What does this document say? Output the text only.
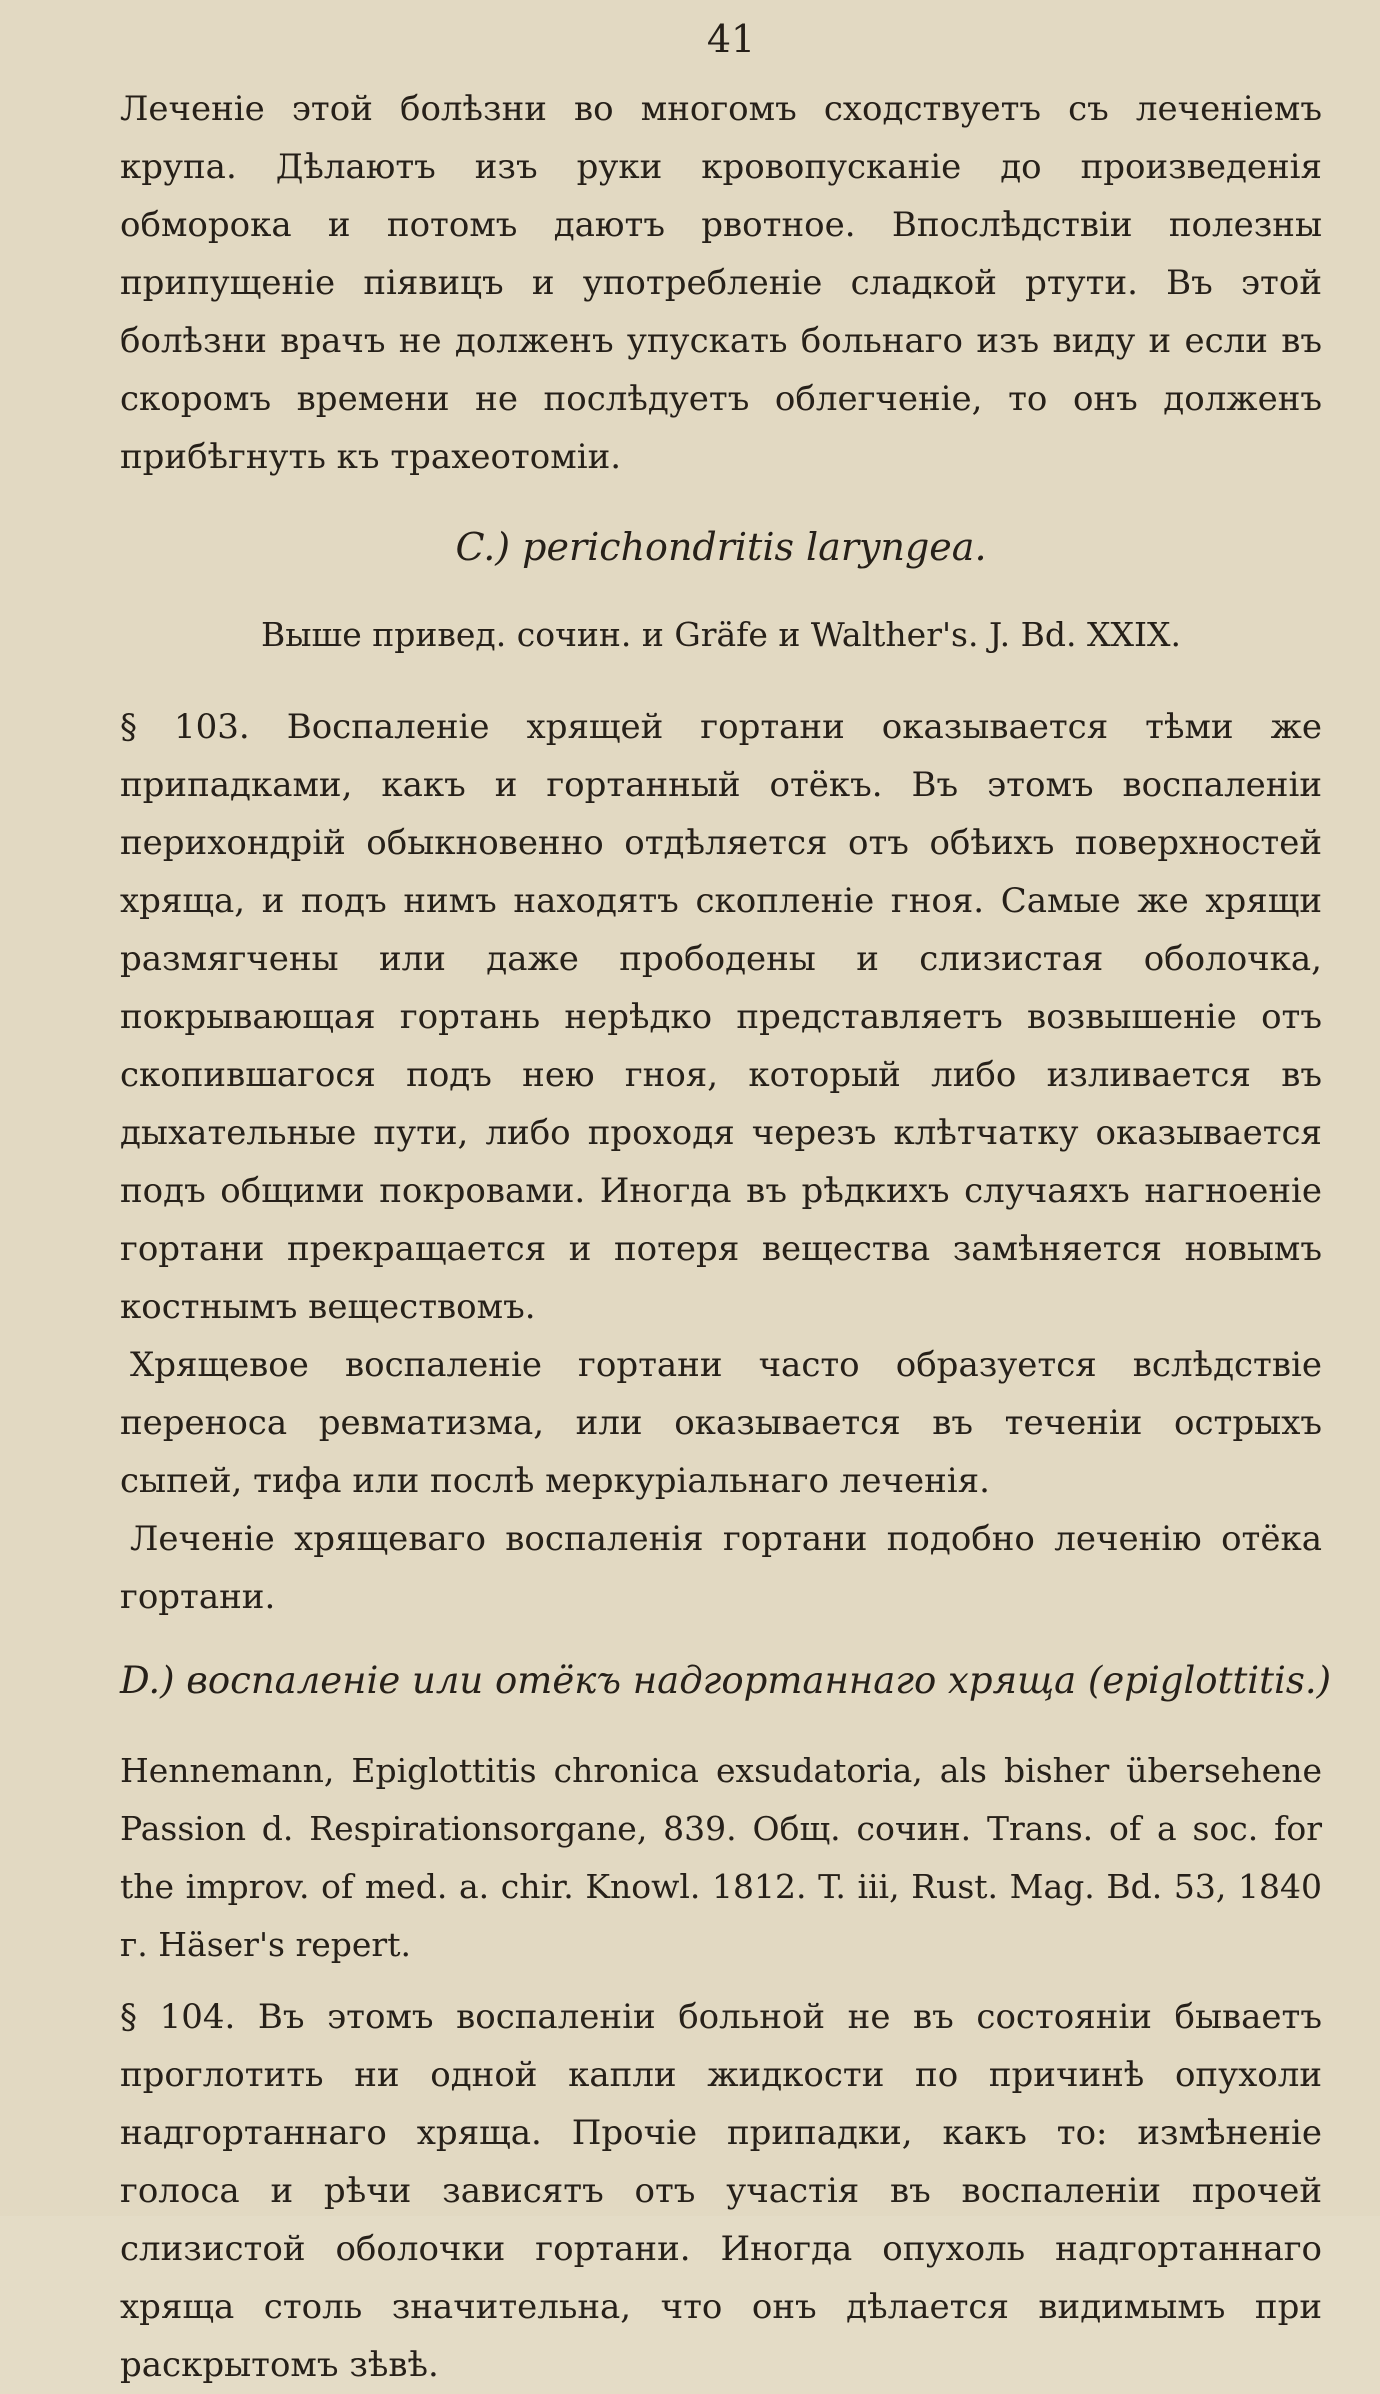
41

Леченіе этой болѣзни во многомъ сходствуетъ съ леченіемъ крупа. Дѣлаютъ изъ руки кровопусканіе до произведенія обморока и потомъ даютъ рвотное. Впослѣдствіи полезны припущеніе піявицъ и употребленіе сладкой ртути. Въ этой болѣзни врачъ не долженъ упускать больнаго изъ виду и если въ скоромъ времени не послѣдуетъ облегченіе, то онъ долженъ прибѣгнуть къ трахеотоміи.

C.) perichondritis laryngea.
Выше привед. сочин. и Gräfe и Walther's. J. Bd. XXIX.

§ 103. Воспаленіе хрящей гортани оказывается тѣми же припадками, какъ и гортанный отёкъ. Въ этомъ воспаленіи перихондрій обыкновенно отдѣляется отъ обѣихъ поверхностей хряща, и подъ нимъ находятъ скопленіе гноя. Самые же хрящи размягчены или даже прободены и слизистая оболочка, покрывающая гортань нерѣдко представляетъ возвышеніе отъ скопившагося подъ нею гноя, который либо изливается въ дыхательные пути, либо проходя черезъ клѣтчатку оказывается подъ общими покровами. Иногда въ рѣдкихъ случаяхъ нагноеніе гортани прекращается и потеря вещества замѣняется новымъ костнымъ веществомъ.

Хрящевое воспаленіе гортани часто образуется вслѣдствіе переноса ревматизма, или оказывается въ теченіи острыхъ сыпей, тифа или послѣ меркуріальнаго леченія.

Леченіе хрящеваго воспаленія гортани подобно леченію отёка гортани.

D.) воспаленіе или отёкъ надгортаннаго хряща (epiglottitis.)

Hennemann, Epiglottitis chronica exsudatoria, als bisher übersehene Passion d. Respirationsorgane, 839. Общ. сочин. Trans. of a soc. for the improv. of med. a. chir. Knowl. 1812. T. iii, Rust. Mag. Bd. 53, 1840 г. Häser's repert.

§ 104. Въ этомъ воспаленіи больной не въ состояніи бываетъ проглотить ни одной капли жидкости по причинѣ опухоли надгортаннаго хряща. Прочіе припадки, какъ то: измѣненіе голоса и рѣчи зависятъ отъ участія въ воспаленіи прочей слизистой оболочки гортани. Иногда опухоль надгортаннаго хряща столь значительна, что онъ дѣлается видимымъ при раскрытомъ зѣвѣ.
